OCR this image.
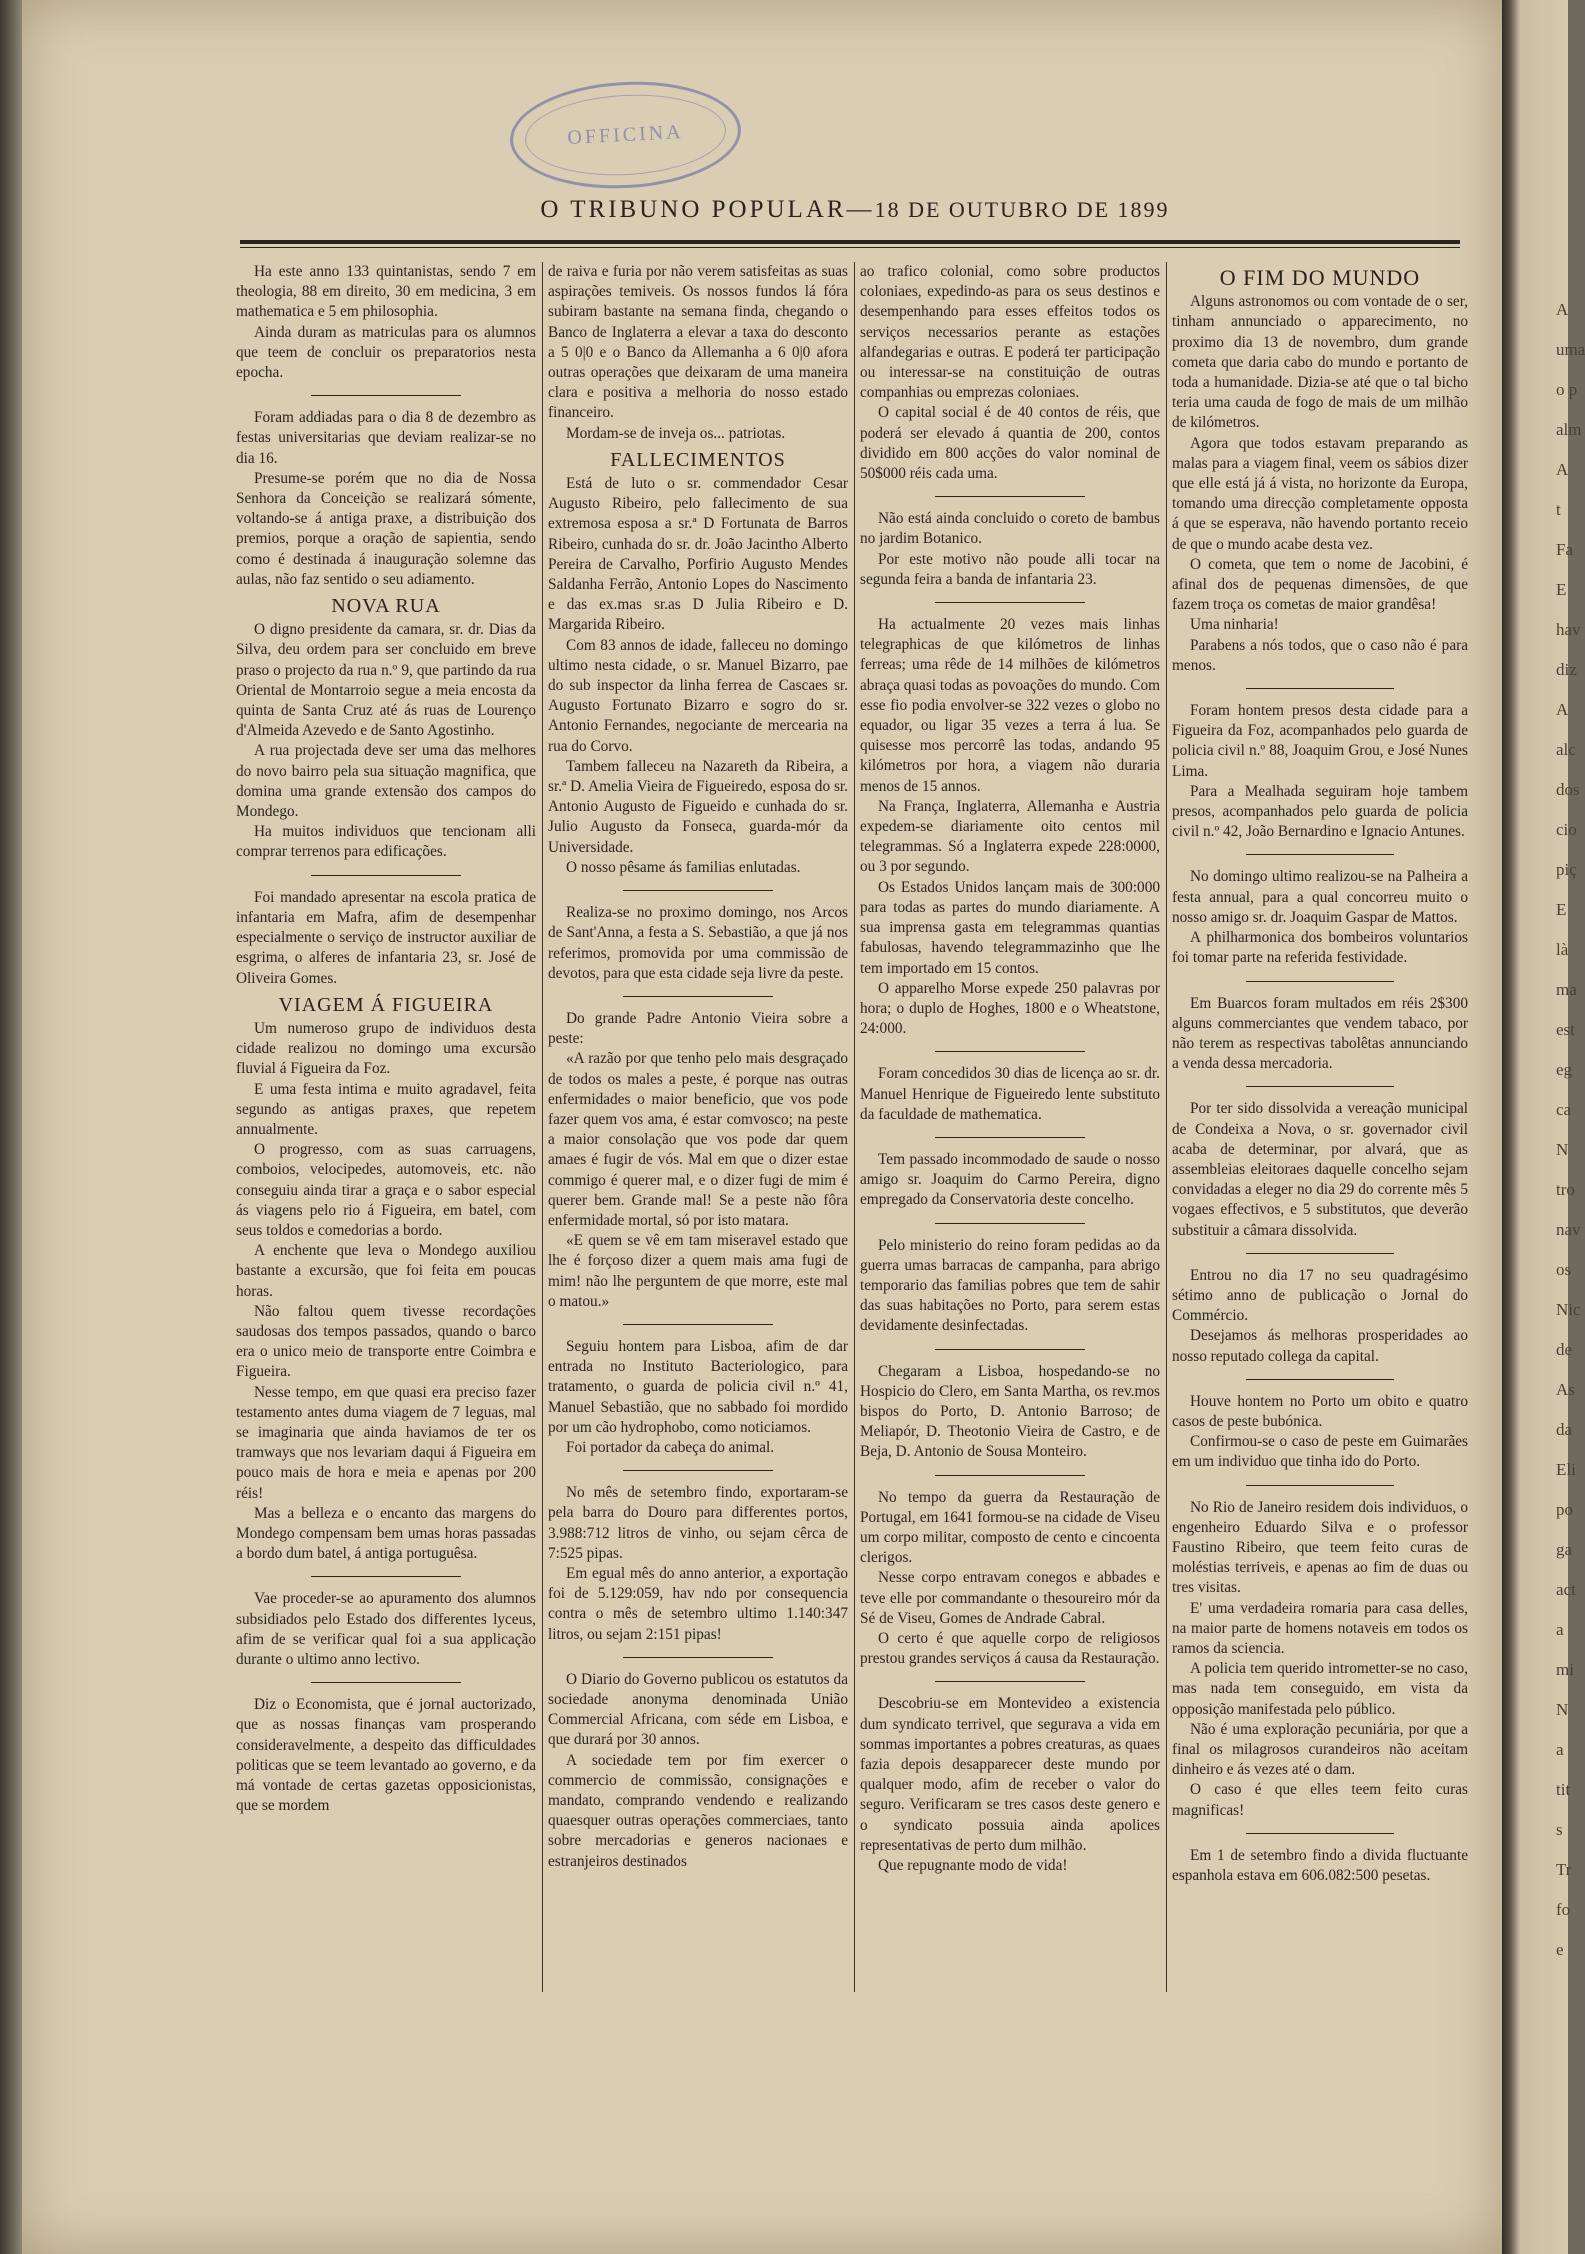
OFFICINA
O TRIBUNO POPULAR—18 DE OUTUBRO DE 1899

Ha este anno 133 quintanistas, sendo 7 em theologia, 88 em direito, 30 em medicina, 3 em mathematica e 5 em philosophia.

Ainda duram as matriculas para os alumnos que teem de concluir os preparatorios nesta epocha.

Foram addiadas para o dia 8 de dezembro as festas universitarias que deviam realizar-se no dia 16.

Presume-se porém que no dia de Nossa Senhora da Conceição se realizará sómente, voltando-se á antiga praxe, a distribuição dos premios, porque a oração de sapientia, sendo como é destinada á inauguração solemne das aulas, não faz sentido o seu adiamento.

NOVA RUA

O digno presidente da camara, sr. dr. Dias da Silva, deu ordem para ser concluido em breve praso o projecto da rua n.º 9, que partindo da rua Oriental de Montarroio segue a meia encosta da quinta de Santa Cruz até ás ruas de Lourenço d'Almeida Azevedo e de Santo Agostinho.

A rua projectada deve ser uma das melhores do novo bairro pela sua situação magnifica, que domina uma grande extensão dos campos do Mondego.

Ha muitos individuos que tencionam alli comprar terrenos para edificações.

Foi mandado apresentar na escola pratica de infantaria em Mafra, afim de desempenhar especialmente o serviço de instructor auxiliar de esgrima, o alferes de infantaria 23, sr. José de Oliveira Gomes.

VIAGEM Á FIGUEIRA

Um numeroso grupo de individuos desta cidade realizou no domingo uma excursão fluvial á Figueira da Foz.

E uma festa intima e muito agradavel, feita segundo as antigas praxes, que repetem annualmente.

O progresso, com as suas carruagens, comboios, velocipedes, automoveis, etc. não conseguiu ainda tirar a graça e o sabor especial ás viagens pelo rio á Figueira, em batel, com seus toldos e comedorias a bordo.

A enchente que leva o Mondego auxiliou bastante a excursão, que foi feita em poucas horas.

Não faltou quem tivesse recordações saudosas dos tempos passados, quando o barco era o unico meio de transporte entre Coimbra e Figueira.

Nesse tempo, em que quasi era preciso fazer testamento antes duma viagem de 7 leguas, mal se imaginaria que ainda haviamos de ter os tramways que nos levariam daqui á Figueira em pouco mais de hora e meia e apenas por 200 réis!

Mas a belleza e o encanto das margens do Mondego compensam bem umas horas passadas a bordo dum batel, á antiga portuguêsa.

Vae proceder-se ao apuramento dos alumnos subsidiados pelo Estado dos differentes lyceus, afim de se verificar qual foi a sua applicação durante o ultimo anno lectivo.

Diz o Economista, que é jornal auctorizado, que as nossas finanças vam prosperando consideravelmente, a despeito das difficuldades politicas que se teem levantado ao governo, e da má vontade de certas gazetas opposicionistas, que se mordem

de raiva e furia por não verem satisfeitas as suas aspirações temiveis. Os nossos fundos lá fóra subiram bastante na semana finda, chegando o Banco de Inglaterra a elevar a taxa do desconto a 5 0|0 e o Banco da Allemanha a 6 0|0 afora outras operações que deixaram de uma maneira clara e positiva a melhoria do nosso estado financeiro.

Mordam-se de inveja os... patriotas.

FALLECIMENTOS

Está de luto o sr. commendador Cesar Augusto Ribeiro, pelo fallecimento de sua extremosa esposa a sr.ª D Fortunata de Barros Ribeiro, cunhada do sr. dr. João Jacintho Alberto Pereira de Carvalho, Porfirio Augusto Mendes Saldanha Ferrão, Antonio Lopes do Nascimento e das ex.mas sr.as D Julia Ribeiro e D. Margarida Ribeiro.

Com 83 annos de idade, falleceu no domingo ultimo nesta cidade, o sr. Manuel Bizarro, pae do sub inspector da linha ferrea de Cascaes sr. Augusto Fortunato Bizarro e sogro do sr. Antonio Fernandes, negociante de mercearia na rua do Corvo.

Tambem falleceu na Nazareth da Ribeira, a sr.ª D. Amelia Vieira de Figueiredo, esposa do sr. Antonio Augusto de Figueido e cunhada do sr. Julio Augusto da Fonseca, guarda-mór da Universidade.

O nosso pêsame ás familias enlutadas.

Realiza-se no proximo domingo, nos Arcos de Sant'Anna, a festa a S. Sebastião, a que já nos referimos, promovida por uma commissão de devotos, para que esta cidade seja livre da peste.

Do grande Padre Antonio Vieira sobre a peste:

«A razão por que tenho pelo mais desgraçado de todos os males a peste, é porque nas outras enfermidades o maior beneficio, que vos pode fazer quem vos ama, é estar comvosco; na peste a maior consolação que vos pode dar quem amaes é fugir de vós. Mal em que o dizer estae commigo é querer mal, e o dizer fugi de mim é querer bem. Grande mal! Se a peste não fôra enfermidade mortal, só por isto matara.

«E quem se vê em tam miseravel estado que lhe é forçoso dizer a quem mais ama fugi de mim! não lhe perguntem de que morre, este mal o matou.»

Seguiu hontem para Lisboa, afim de dar entrada no Instituto Bacteriologico, para tratamento, o guarda de policia civil n.º 41, Manuel Sebastião, que no sabbado foi mordido por um cão hydrophobo, como noticiamos.

Foi portador da cabeça do animal.

No mês de setembro findo, exportaram-se pela barra do Douro para differentes portos, 3.988:712 litros de vinho, ou sejam cêrca de 7:525 pipas.

Em egual mês do anno anterior, a exportação foi de 5.129:059, hav ndo por consequencia contra o mês de setembro ultimo 1.140:347 litros, ou sejam 2:151 pipas!

O Diario do Governo publicou os estatutos da sociedade anonyma denominada União Commercial Africana, com séde em Lisboa, e que durará por 30 annos.

A sociedade tem por fim exercer o commercio de commissão, consignações e mandato, comprando vendendo e realizando quaesquer outras operações commerciaes, tanto sobre mercadorias e generos nacionaes e estranjeiros destinados

ao trafico colonial, como sobre productos coloniaes, expedindo-as para os seus destinos e desempenhando para esses effeitos todos os serviços necessarios perante as estações alfandegarias e outras. E poderá ter participação ou interessar-se na constituição de outras companhias ou emprezas coloniaes.

O capital social é de 40 contos de réis, que poderá ser elevado á quantia de 200, contos dividido em 800 acções do valor nominal de 50$000 réis cada uma.

Não está ainda concluido o coreto de bambus no jardim Botanico.

Por este motivo não poude alli tocar na segunda feira a banda de infantaria 23.

Ha actualmente 20 vezes mais linhas telegraphicas de que kilómetros de linhas ferreas; uma rêde de 14 milhões de kilómetros abraça quasi todas as povoações do mundo. Com esse fio podia envolver-se 322 vezes o globo no equador, ou ligar 35 vezes a terra á lua. Se quisesse mos percorrê las todas, andando 95 kilómetros por hora, a viagem não duraria menos de 15 annos.

Na França, Inglaterra, Allemanha e Austria expedem-se diariamente oito centos mil telegrammas. Só a Inglaterra expede 228:0000, ou 3 por segundo.

Os Estados Unidos lançam mais de 300:000 para todas as partes do mundo diariamente. A sua imprensa gasta em telegrammas quantias fabulosas, havendo telegrammazinho que lhe tem importado em 15 contos.

O apparelho Morse expede 250 palavras por hora; o duplo de Hoghes, 1800 e o Wheatstone, 24:000.

Foram concedidos 30 dias de licença ao sr. dr. Manuel Henrique de Figueiredo lente substituto da faculdade de mathematica.

Tem passado incommodado de saude o nosso amigo sr. Joaquim do Carmo Pereira, digno empregado da Conservatoria deste concelho.

Pelo ministerio do reino foram pedidas ao da guerra umas barracas de campanha, para abrigo temporario das familias pobres que tem de sahir das suas habitações no Porto, para serem estas devidamente desinfectadas.

Chegaram a Lisboa, hospedando-se no Hospicio do Clero, em Santa Martha, os rev.mos bispos do Porto, D. Antonio Barroso; de Meliapór, D. Theotonio Vieira de Castro, e de Beja, D. Antonio de Sousa Monteiro.

No tempo da guerra da Restauração de Portugal, em 1641 formou-se na cidade de Viseu um corpo militar, composto de cento e cincoenta clerigos.

Nesse corpo entravam conegos e abbades e teve elle por commandante o thesoureiro mór da Sé de Viseu, Gomes de Andrade Cabral.

O certo é que aquelle corpo de religiosos prestou grandes serviços á causa da Restauração.

Descobriu-se em Montevideo a existencia dum syndicato terrivel, que segurava a vida em sommas importantes a pobres creaturas, as quaes fazia depois desapparecer deste mundo por qualquer modo, afim de receber o valor do seguro. Verificaram se tres casos deste genero e o syndicato possuia ainda apolices representativas de perto dum milhão.

Que repugnante modo de vida!

O FIM DO MUNDO

Alguns astronomos ou com vontade de o ser, tinham annunciado o apparecimento, no proximo dia 13 de novembro, dum grande cometa que daria cabo do mundo e portanto de toda a humanidade. Dizia-se até que o tal bicho teria uma cauda de fogo de mais de um milhão de kilómetros.

Agora que todos estavam preparando as malas para a viagem final, veem os sábios dizer que elle está já á vista, no horizonte da Europa, tomando uma direcção completamente opposta á que se esperava, não havendo portanto receio de que o mundo acabe desta vez.

O cometa, que tem o nome de Jacobini, é afinal dos de pequenas dimensões, de que fazem troça os cometas de maior grandêsa!

Uma ninharia!

Parabens a nós todos, que o caso não é para menos.

Foram hontem presos desta cidade para a Figueira da Foz, acompanhados pelo guarda de policia civil n.º 88, Joaquim Grou, e José Nunes Lima.

Para a Mealhada seguiram hoje tambem presos, acompanhados pelo guarda de policia civil n.º 42, João Bernardino e Ignacio Antunes.

No domingo ultimo realizou-se na Palheira a festa annual, para a qual concorreu muito o nosso amigo sr. dr. Joaquim Gaspar de Mattos.

A philharmonica dos bombeiros voluntarios foi tomar parte na referida festividade.

Em Buarcos foram multados em réis 2$300 alguns commerciantes que vendem tabaco, por não terem as respectivas tabolêtas annunciando a venda dessa mercadoria.

Por ter sido dissolvida a vereação municipal de Condeixa a Nova, o sr. governador civil acaba de determinar, por alvará, que as assembleias eleitoraes daquelle concelho sejam convidadas a eleger no dia 29 do corrente mês 5 vogaes effectivos, e 5 substitutos, que deverão substituir a câmara dissolvida.

Entrou no dia 17 no seu quadragésimo sétimo anno de publicação o Jornal do Commércio.

Desejamos ás melhoras prosperidades ao nosso reputado collega da capital.

Houve hontem no Porto um obito e quatro casos de peste bubónica.

Confirmou-se o caso de peste em Guimarães em um individuo que tinha ido do Porto.

No Rio de Janeiro residem dois individuos, o engenheiro Eduardo Silva e o professor Faustino Ribeiro, que teem feito curas de moléstias terriveis, e apenas ao fim de duas ou tres visitas.

E' uma verdadeira romaria para casa delles, na maior parte de homens notaveis em todos os ramos da sciencia.

A policia tem querido intrometter-se no caso, mas nada tem conseguido, em vista da opposição manifestada pelo público.

Não é uma exploração pecuniária, por que a final os milagrosos curandeiros não aceitam dinheiro e ás vezes até o dam.

O caso é que elles teem feito curas magnificas!

Em 1 de setembro findo a divida fluctuante espanhola estava em 606.082:500 pesetas.

A
uma
o p
alm
A
t
Fa
E
hav
diz
A
alc
dos
cio
piç
E
là
ma
est
eg
ca
N
tro
nav
os
Nic
de
As
da
Eli
po
ga
act
a
mi
N
a
tit
s
Tr
fo
e
